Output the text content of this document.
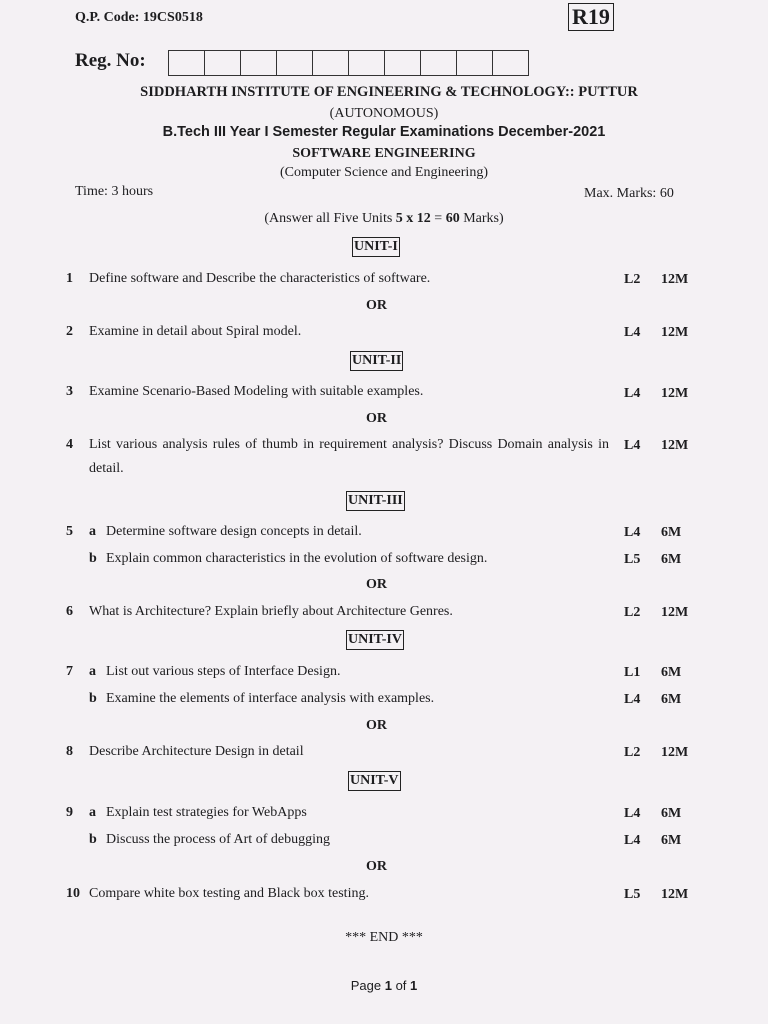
Q.P. Code: 19CS0518	R19
Reg. No:
SIDDHARTH INSTITUTE OF ENGINEERING & TECHNOLOGY:: PUTTUR
(AUTONOMOUS)
B.Tech III Year I Semester Regular Examinations December-2021
SOFTWARE ENGINEERING
(Computer Science and Engineering)
Time: 3 hours	Max. Marks: 60
(Answer all Five Units 5 x 12 = 60 Marks)
UNIT-I
1 Define software and Describe the characteristics of software.	L2 12M
OR
2 Examine in detail about Spiral model.	L4 12M
UNIT-II
3 Examine Scenario-Based Modeling with suitable examples.	L4 12M
OR
4 List various analysis rules of thumb in requirement analysis? Discuss Domain analysis in detail.
L4 12M
UNIT-III
5 a Determine software design concepts in detail.	L4 6M
b Explain common characteristics in the evolution of software design.	L5 6M
OR
6 What is Architecture? Explain briefly about Architecture Genres.	L2 12M
UNIT-IV
7 a List out various steps of Interface Design.	L1 6M
b Examine the elements of interface analysis with examples.	L4 6M
OR
8 Describe Architecture Design in detail	L2 12M
UNIT-V
9 a Explain test strategies for WebApps	L4 6M
b Discuss the process of Art of debugging	L4 6M
OR
10 Compare white box testing and Black box testing.	L5 12M
*** END ***
Page 1 of 1
